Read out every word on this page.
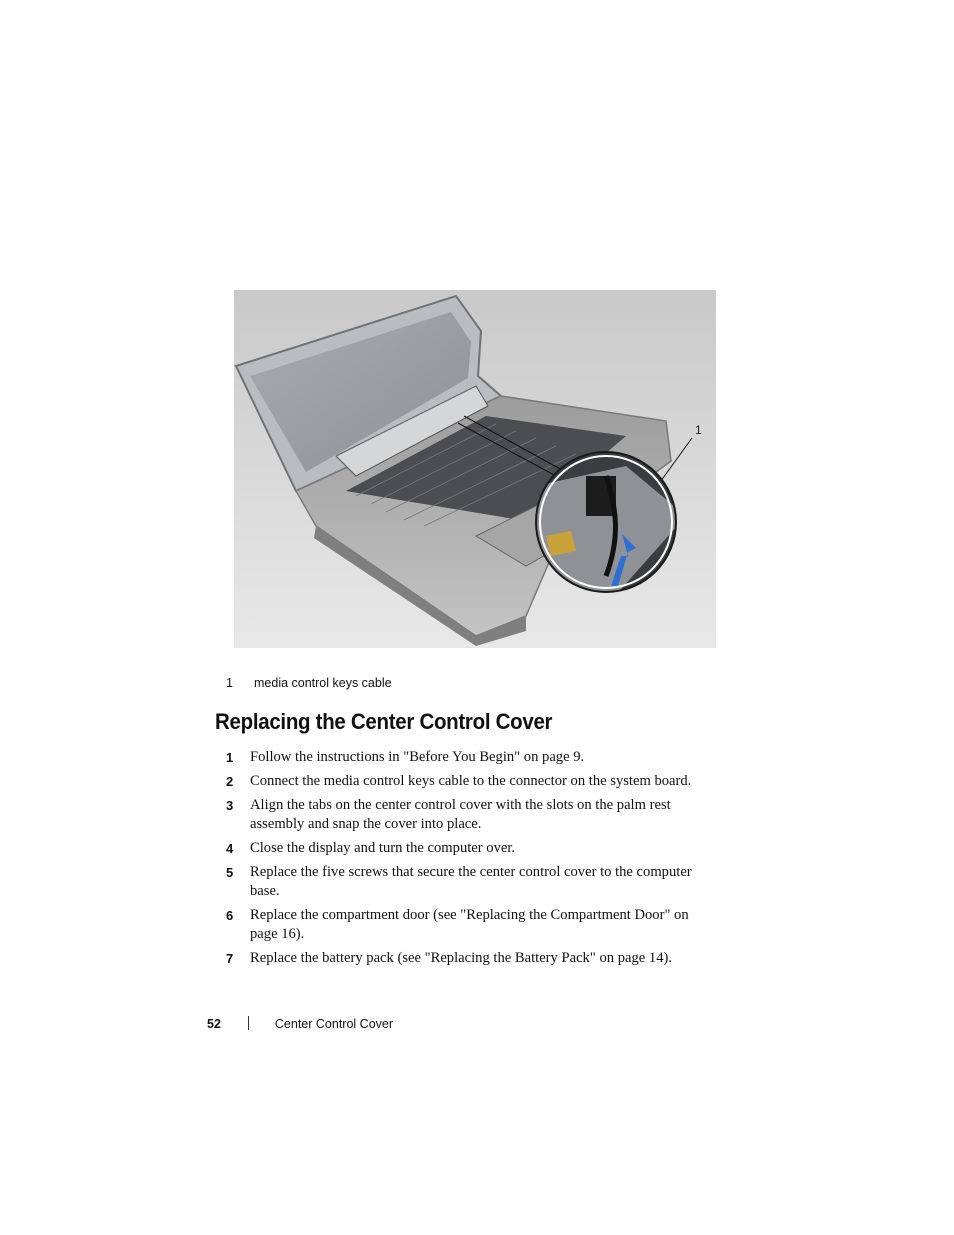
1
1 media control keys cable
Replacing the Center Control Cover
1 Follow the instructions in "Before You Begin" on page 9.
2 Connect the media control keys cable to the connector on the system board.
3 Align the tabs on the center control cover with the slots on the palm rest assembly and snap the cover into place.
4 Close the display and turn the computer over.
5 Replace the five screws that secure the center control cover to the computer base.
6 Replace the compartment door (see "Replacing the Compartment Door" on page 16).
7 Replace the battery pack (see "Replacing the Battery Pack" on page 14).
52	Center Control Cover
